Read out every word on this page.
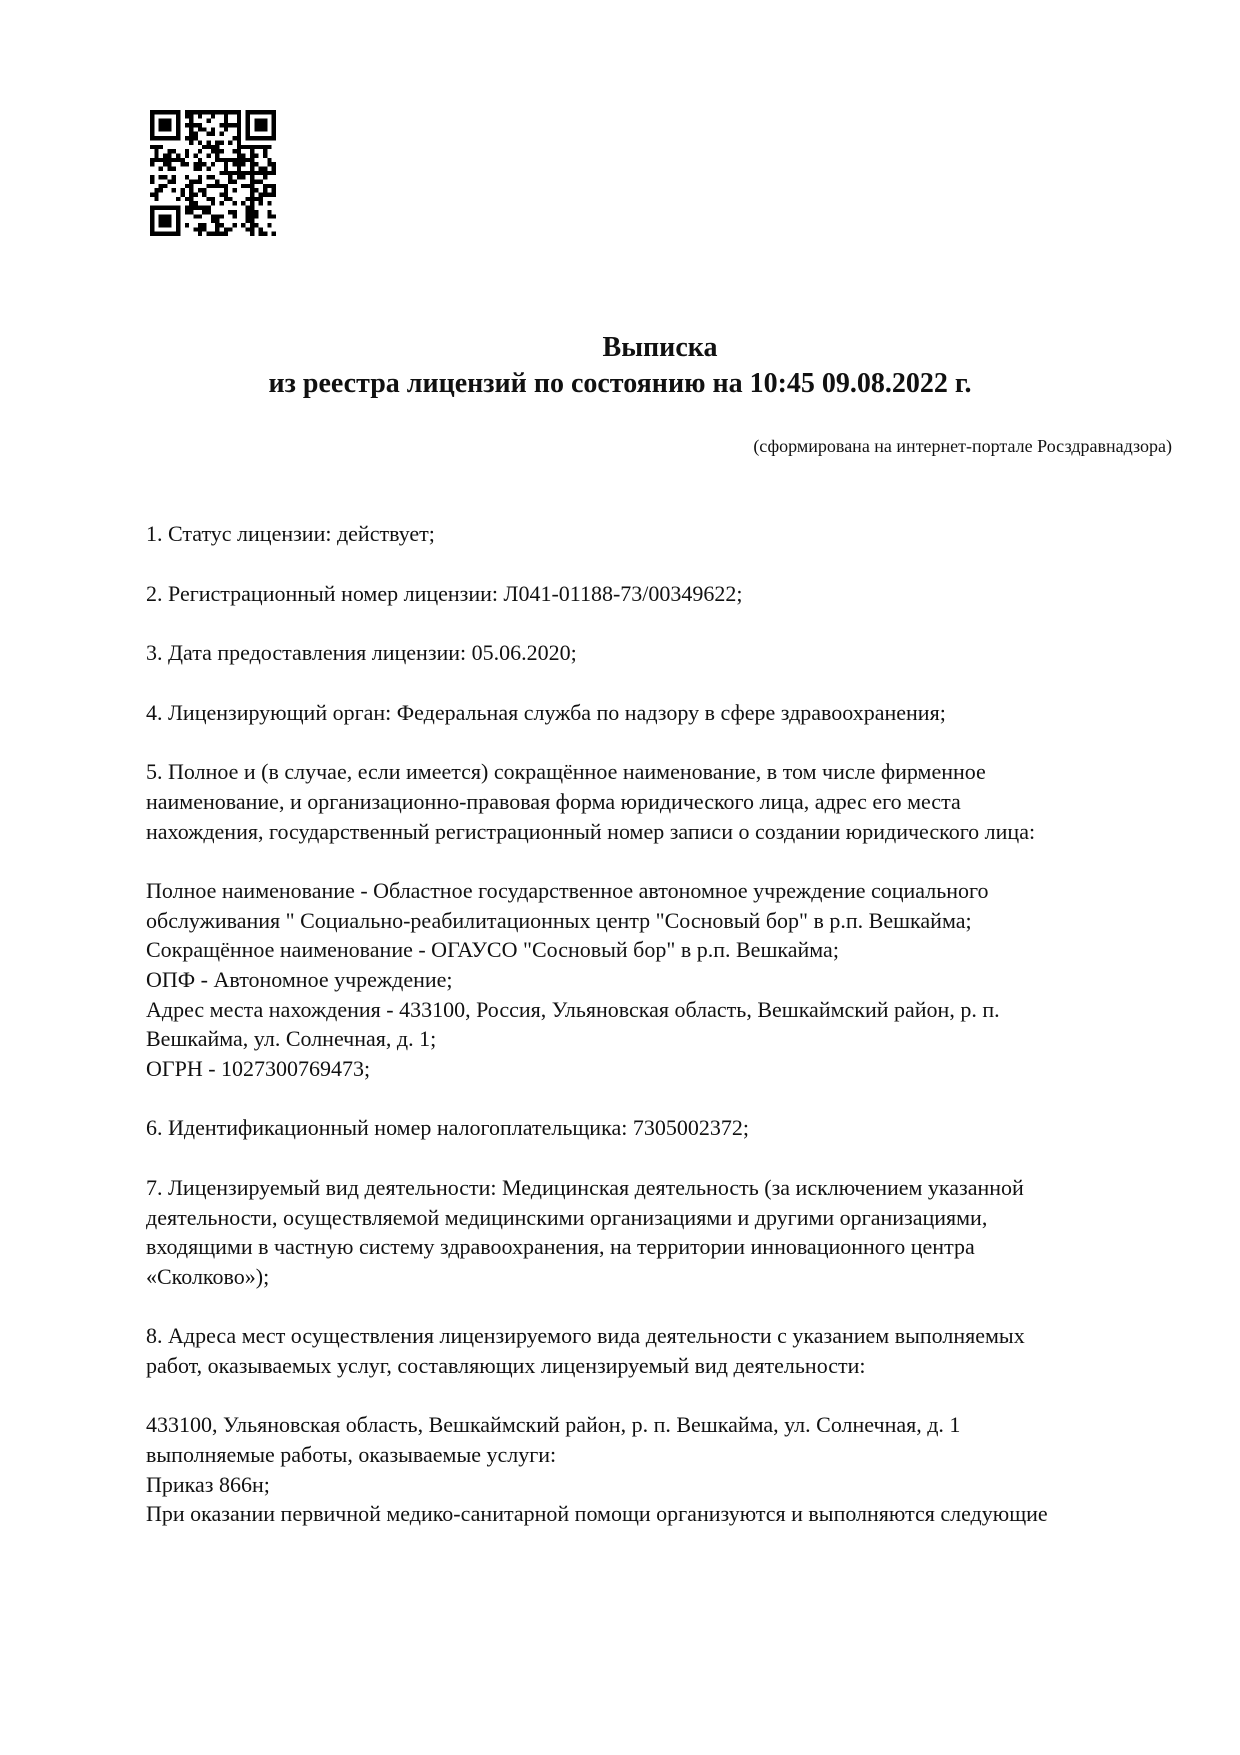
Выписка
из реестра лицензий по состоянию на 10:45 09.08.2022 г.
(сформирована на интернет-портале Росздравнадзора)
1. Статус лицензии: действует;
2. Регистрационный номер лицензии: Л041-01188-73/00349622;
3. Дата предоставления лицензии: 05.06.2020;
4. Лицензирующий орган: Федеральная служба по надзору в сфере здравоохранения;
5. Полное и (в случае, если имеется) сокращённое наименование, в том числе фирменное
наименование, и организационно-правовая форма юридического лица, адрес его места
нахождения, государственный регистрационный номер записи о создании юридического лица:
Полное наименование - Областное государственное автономное учреждение социального
обслуживания " Социально-реабилитационных центр "Сосновый бор" в р.п. Вешкайма;
Сокращённое наименование - ОГАУСО "Сосновый бор" в р.п. Вешкайма;
ОПФ - Автономное учреждение;
Адрес места нахождения - 433100, Россия, Ульяновская область, Вешкаймский район, р. п.
Вешкайма, ул. Солнечная, д. 1;
ОГРН - 1027300769473;
6. Идентификационный номер налогоплательщика: 7305002372;
7. Лицензируемый вид деятельности: Медицинская деятельность (за исключением указанной
деятельности, осуществляемой медицинскими организациями и другими организациями,
входящими в частную систему здравоохранения, на территории инновационного центра
«Сколково»);
8. Адреса мест осуществления лицензируемого вида деятельности с указанием выполняемых
работ, оказываемых услуг, составляющих лицензируемый вид деятельности:
433100, Ульяновская область, Вешкаймский район, р. п. Вешкайма, ул. Солнечная, д. 1
выполняемые работы, оказываемые услуги:
Приказ 866н;
При оказании первичной медико-санитарной помощи организуются и выполняются следующие
